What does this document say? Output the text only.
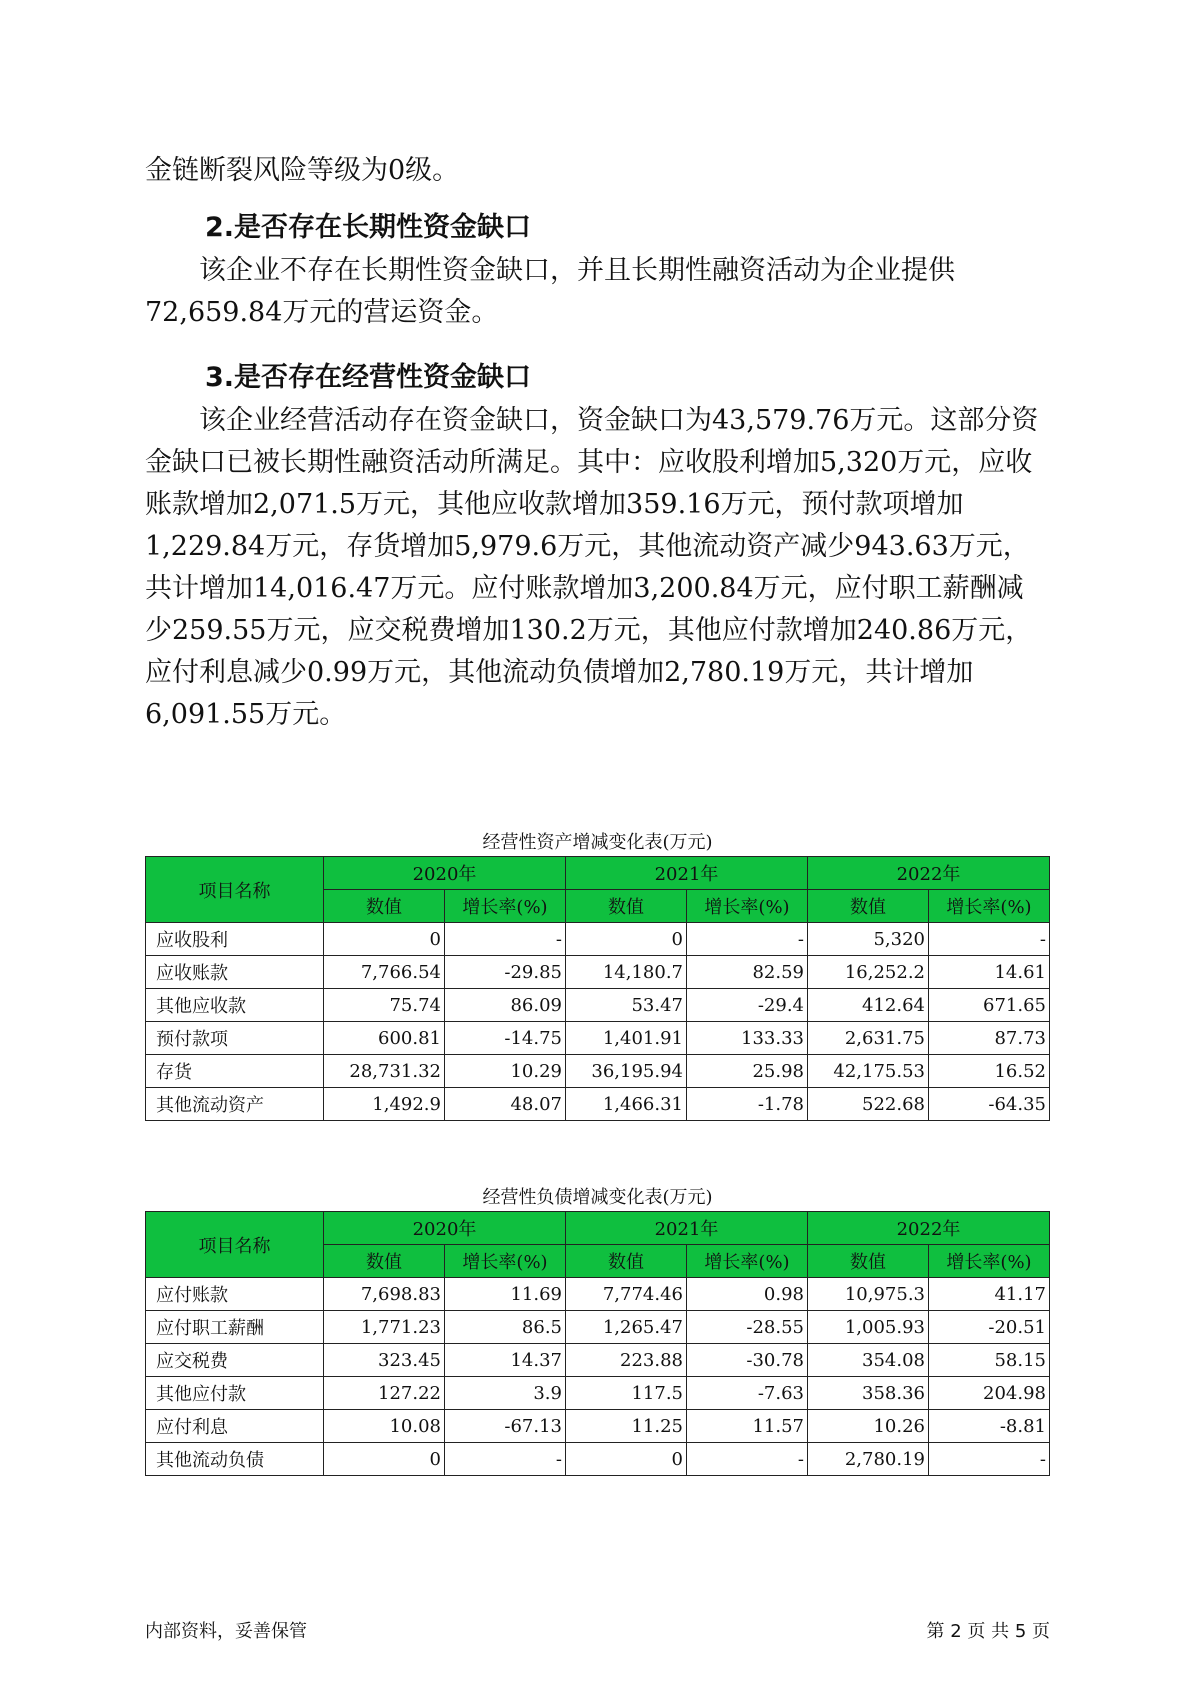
金链断裂风险等级为0级。

2.是否存在长期性资金缺口

该企业不存在长期性资金缺口，并且长期性融资活动为企业提供72,659.84万元的营运资金。

3.是否存在经营性资金缺口

该企业经营活动存在资金缺口，资金缺口为43,579.76万元。这部分资金缺口已被长期性融资活动所满足。其中：应收股利增加5,320万元，应收账款增加2,071.5万元，其他应收款增加359.16万元，预付款项增加1,229.84万元，存货增加5,979.6万元，其他流动资产减少943.63万元，共计增加14,016.47万元。应付账款增加3,200.84万元，应付职工薪酬减少259.55万元，应交税费增加130.2万元，其他应付款增加240.86万元，应付利息减少0.99万元，其他流动负债增加2,780.19万元，共计增加6,091.55万元。

经营性资产增减变化表(万元)

项目名称	2020年		2021年		2022年	
	数值	增长率(%)	数值	增长率(%)	数值	增长率(%)
应收股利	0	-	0	-	5,320	-
应收账款	7,766.54	-29.85	14,180.7	82.59	16,252.2	14.61
其他应收款	75.74	86.09	53.47	-29.4	412.64	671.65
预付款项	600.81	-14.75	1,401.91	133.33	2,631.75	87.73
存货	28,731.32	10.29	36,195.94	25.98	42,175.53	16.52
其他流动资产	1,492.9	48.07	1,466.31	-1.78	522.68	-64.35

经营性负债增减变化表(万元)

项目名称	2020年		2021年		2022年	
	数值	增长率(%)	数值	增长率(%)	数值	增长率(%)
应付账款	7,698.83	11.69	7,774.46	0.98	10,975.3	41.17
应付职工薪酬	1,771.23	86.5	1,265.47	-28.55	1,005.93	-20.51
应交税费	323.45	14.37	223.88	-30.78	354.08	58.15
其他应付款	127.22	3.9	117.5	-7.63	358.36	204.98
应付利息	10.08	-67.13	11.25	11.57	10.26	-8.81
其他流动负债	0	-	0	-	2,780.19	-
内部资料，妥善保管	第 2 页 共 5 页
